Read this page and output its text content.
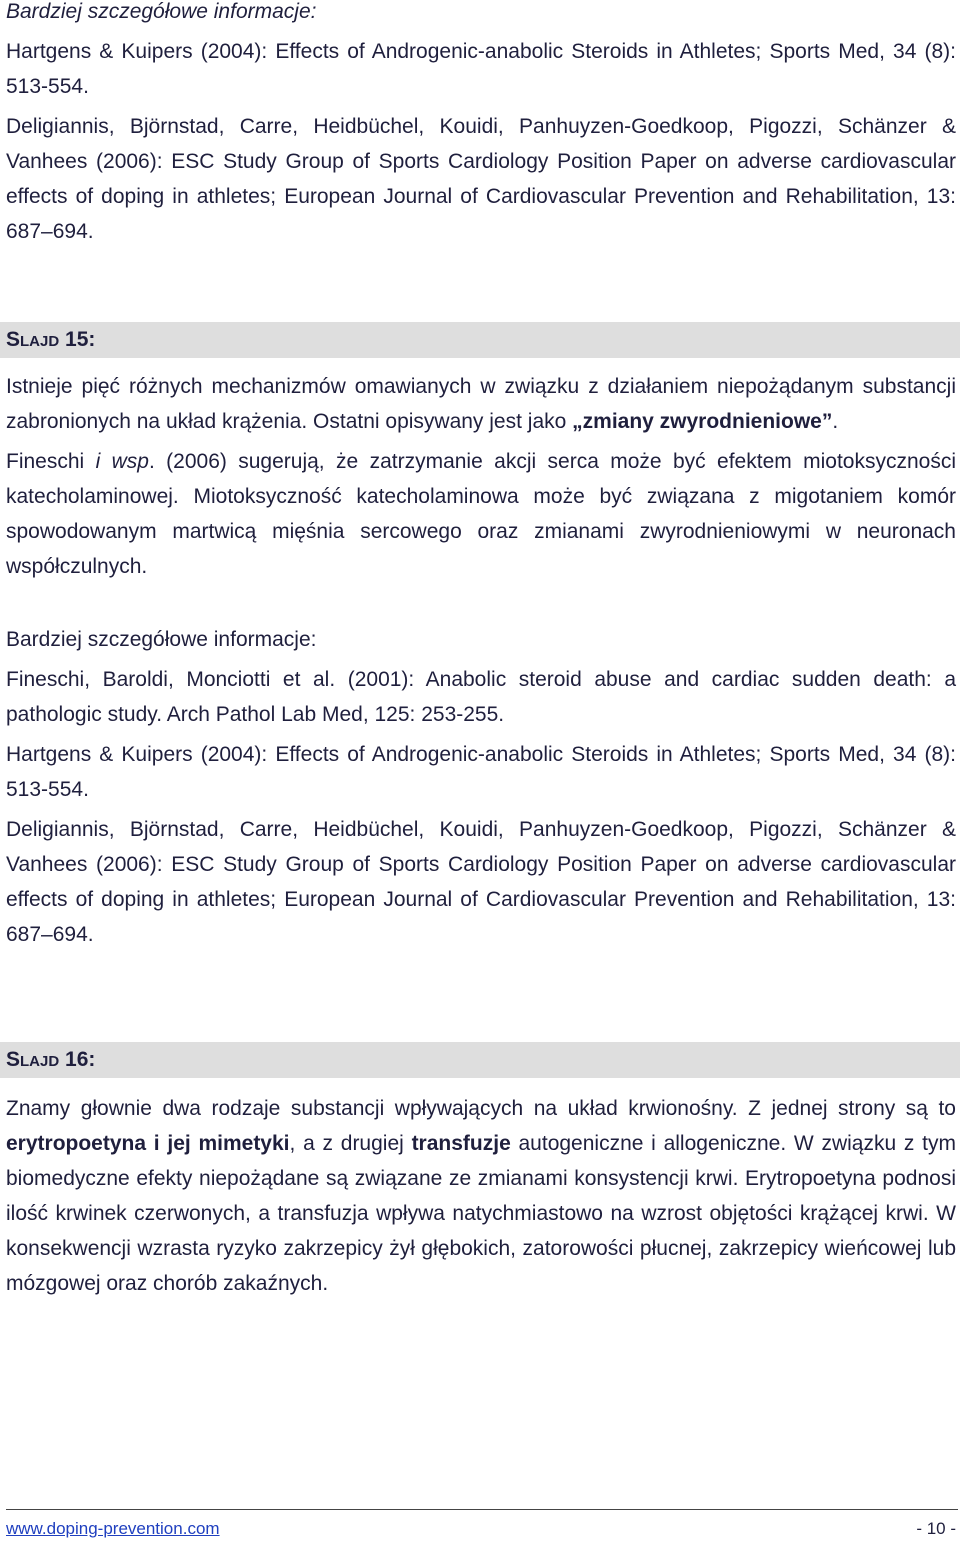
Bardziej szczegółowe informacje:

Hartgens & Kuipers (2004): Effects of Androgenic-anabolic Steroids in Athletes; Sports Med, 34 (8): 513-554.

Deligiannis, Björnstad, Carre, Heidbüchel, Kouidi, Panhuyzen-Goedkoop, Pigozzi, Schänzer & Vanhees (2006): ESC Study Group of Sports Cardiology Position Paper on adverse cardiovascular effects of doping in athletes; European Journal of Cardiovascular Prevention and Rehabilitation, 13: 687–694.

SLAJD 15:

Istnieje pięć różnych mechanizmów omawianych w związku z działaniem niepożądanym substancji zabronionych na układ krążenia. Ostatni opisywany jest jako „zmiany zwyrodnieniowe”.

Fineschi i wsp. (2006) sugerują, że zatrzymanie akcji serca może być efektem miotoksyczności katecholaminowej. Miotoksyczność katecholaminowa może być związana z migotaniem komór spowodowanym martwicą mięśnia sercowego oraz zmianami zwyrodnieniowymi w neuronach współczulnych.

Bardziej szczegółowe informacje:

Fineschi, Baroldi, Monciotti et al. (2001): Anabolic steroid abuse and cardiac sudden death: a pathologic study. Arch Pathol Lab Med, 125: 253-255.

Hartgens & Kuipers (2004): Effects of Androgenic-anabolic Steroids in Athletes; Sports Med, 34 (8): 513-554.

Deligiannis, Björnstad, Carre, Heidbüchel, Kouidi, Panhuyzen-Goedkoop, Pigozzi, Schänzer & Vanhees (2006): ESC Study Group of Sports Cardiology Position Paper on adverse cardiovascular effects of doping in athletes; European Journal of Cardiovascular Prevention and Rehabilitation, 13: 687–694.

SLAJD 16:

Znamy głownie dwa rodzaje substancji wpływających na układ krwionośny. Z jednej strony są to erytropoetyna i jej mimetyki, a z drugiej transfuzje autogeniczne i allogeniczne. W związku z tym biomedyczne efekty niepożądane są związane ze zmianami konsystencji krwi. Erytropoetyna podnosi ilość krwinek czerwonych, a transfuzja wpływa natychmiastowo na wzrost objętości krążącej krwi. W konsekwencji wzrasta ryzyko zakrzepicy żył głębokich, zatorowości płucnej, zakrzepicy wieńcowej lub mózgowej oraz chorób zakaźnych.

www.doping-prevention.com	- 10 -
